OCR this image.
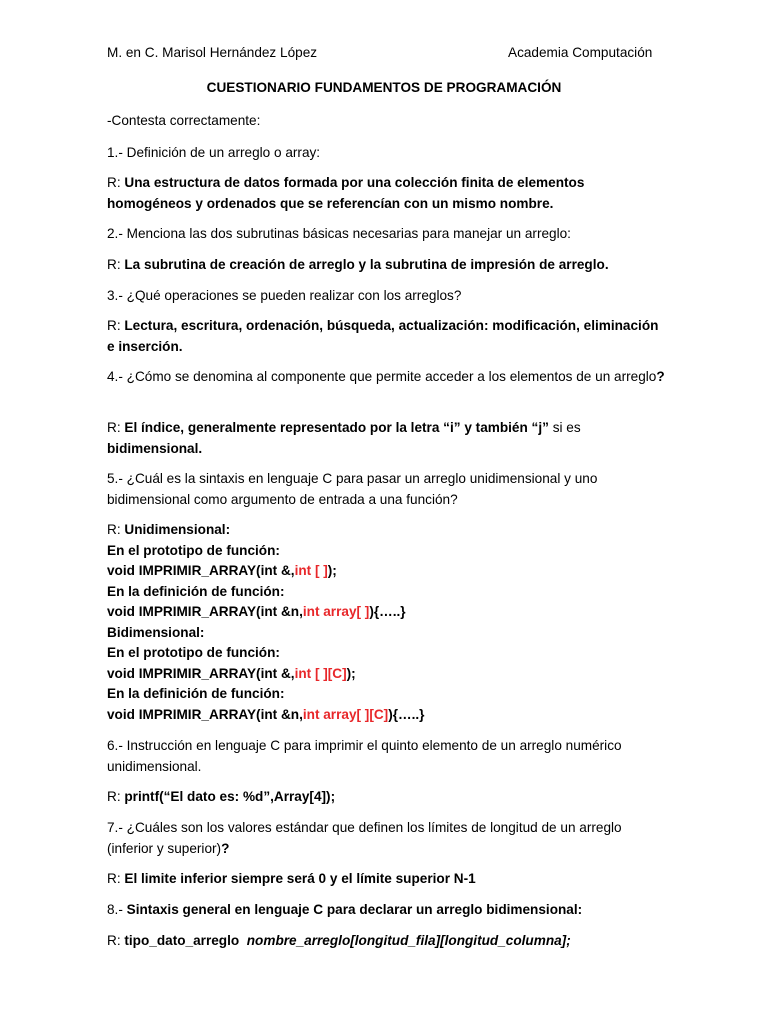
M. en C. Marisol Hernández López	Academia Computación
CUESTIONARIO FUNDAMENTOS DE PROGRAMACIÓN
-Contesta correctamente:
1.- Definición de un arreglo o array:
R: Una estructura de datos formada por una colección finita de elementos homogéneos y ordenados que se referencían con un mismo nombre.
2.- Menciona las dos subrutinas básicas necesarias para manejar un arreglo:
R: La subrutina de creación de arreglo y la subrutina de impresión de arreglo.
3.- ¿Qué operaciones se pueden realizar con los arreglos?
R: Lectura, escritura, ordenación, búsqueda, actualización: modificación, eliminación e inserción.
4.- ¿Cómo se denomina al componente que permite acceder a los elementos de un arreglo?
R: El índice, generalmente representado por la letra “i” y también “j” si es
bidimensional.
5.- ¿Cuál es la sintaxis en lenguaje C para pasar un arreglo unidimensional y uno bidimensional como argumento de entrada a una función?
R: Unidimensional:
En el prototipo de función:
void IMPRIMIR_ARRAY(int &,int [ ]);
En la definición de función:
void IMPRIMIR_ARRAY(int &n,int array[ ]){…..}
Bidimensional:
En el prototipo de función:
void IMPRIMIR_ARRAY(int &,int [ ][C]);
En la definición de función:
void IMPRIMIR_ARRAY(int &n,int array[ ][C]){…..}
6.- Instrucción en lenguaje C para imprimir el quinto elemento de un arreglo numérico unidimensional.
R: printf(“El dato es: %d”,Array[4]);
7.- ¿Cuáles son los valores estándar que definen los límites de longitud de un arreglo (inferior y superior)?
R: El limite inferior siempre será 0 y el límite superior N-1
8.- Sintaxis general en lenguaje C para declarar un arreglo bidimensional:
R: tipo_dato_arreglo nombre_arreglo[longitud_fila][longitud_columna];
